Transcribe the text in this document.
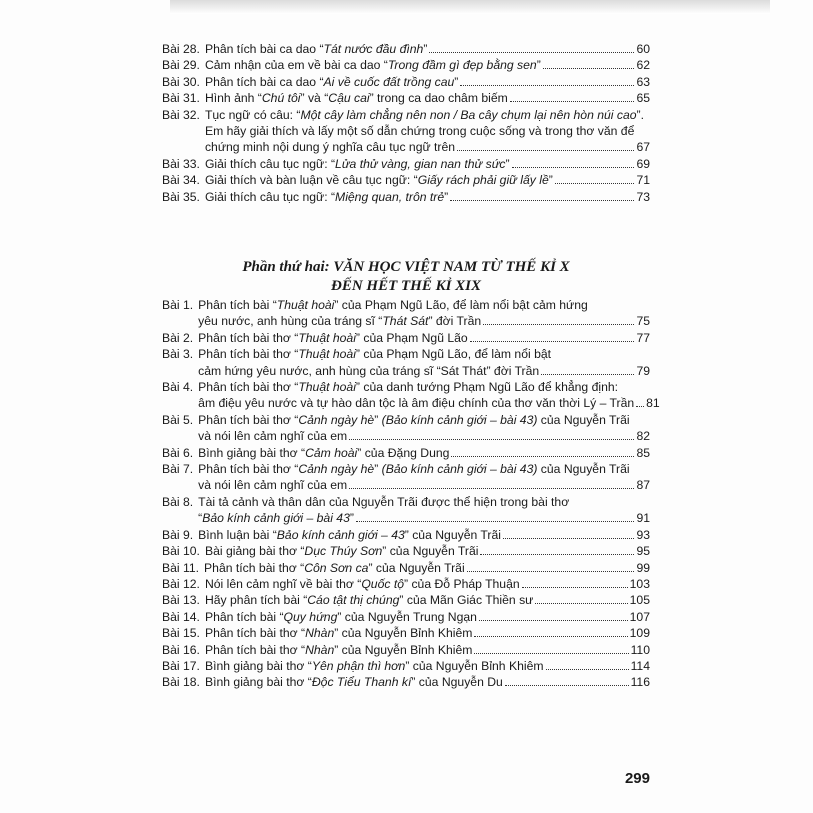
Bài 28. Phân tích bài ca dao “Tát nước đầu đình”	60
Bài 29. Cảm nhận của em về bài ca dao “Trong đầm gì đẹp bằng sen”	62
Bài 30. Phân tích bài ca dao “Ai về cuốc đất trồng cau”	63
Bài 31. Hình ảnh “Chú tôi” và “Cậu cai” trong ca dao châm biếm	65
Bài 32. Tục ngữ có câu: “Một cây làm chẳng nên non / Ba cây chụm lại nên hòn núi cao”.
Em hãy giải thích và lấy một số dẫn chứng trong cuộc sống và trong thơ văn để
chứng minh nội dung ý nghĩa câu tục ngữ trên	67
Bài 33. Giải thích câu tục ngữ: “Lửa thử vàng, gian nan thử sức”	69
Bài 34. Giải thích và bàn luận về câu tục ngữ: “Giấy rách phải giữ lấy lề”	71
Bài 35. Giải thích câu tục ngữ: “Miệng quan, trôn trẻ”	73
Phần thứ hai: VĂN HỌC VIỆT NAM TỪ THẾ KỈ X
ĐẾN HẾT THẾ KỈ XIX
Bài 1. Phân tích bài “Thuật hoài” của Phạm Ngũ Lão, để làm nổi bật cảm hứng
yêu nước, anh hùng của tráng sĩ “Thát Sát” đời Trần	75
Bài 2. Phân tích bài thơ “Thuật hoài” của Phạm Ngũ Lão	77
Bài 3. Phân tích bài thơ “Thuật hoài” của Phạm Ngũ Lão, để làm nổi bật
cảm hứng yêu nước, anh hùng của tráng sĩ “Sát Thát” đời Trần	79
Bài 4. Phân tích bài thơ “Thuật hoài” của danh tướng Phạm Ngũ Lão để khẳng định:
âm điệu yêu nước và tự hào dân tộc là âm điệu chính của thơ văn thời Lý – Trần 81
Bài 5. Phân tích bài thơ “Cảnh ngày hè” (Bảo kính cảnh giới – bài 43) của Nguyễn Trãi
và nói lên cảm nghĩ của em	82
Bài 6. Bình giảng bài thơ “Cảm hoài” của Đặng Dung	85
Bài 7. Phân tích bài thơ “Cảnh ngày hè” (Bảo kính cảnh giới – bài 43) của Nguyễn Trãi
và nói lên cảm nghĩ của em	87
Bài 8. Tài tả cảnh và thân dân của Nguyễn Trãi được thể hiện trong bài thơ
“Bảo kính cảnh giới – bài 43”	91
Bài 9. Bình luận bài “Bảo kính cảnh giới – 43” của Nguyễn Trãi	93
Bài 10. Bài giảng bài thơ “Dục Thúy Sơn” của Nguyễn Trãi	95
Bài 11. Phân tích bài thơ “Côn Sơn ca” của Nguyễn Trãi	99
Bài 12. Nói lên cảm nghĩ về bài thơ “Quốc tộ” của Đỗ Pháp Thuận	103
Bài 13. Hãy phân tích bài “Cáo tật thị chúng” của Mãn Giác Thiền sư	105
Bài 14. Phân tích bài “Quy hứng” của Nguyễn Trung Ngạn	107
Bài 15. Phân tích bài thơ “Nhàn” của Nguyễn Bỉnh Khiêm	109
Bài 16. Phân tích bài thơ “Nhàn” của Nguyễn Bỉnh Khiêm	110
Bài 17. Bình giảng bài thơ “Yên phận thì hơn” của Nguyễn Bỉnh Khiêm	114
Bài 18. Bình giảng bài thơ “Độc Tiểu Thanh kí” của Nguyễn Du	116
299
